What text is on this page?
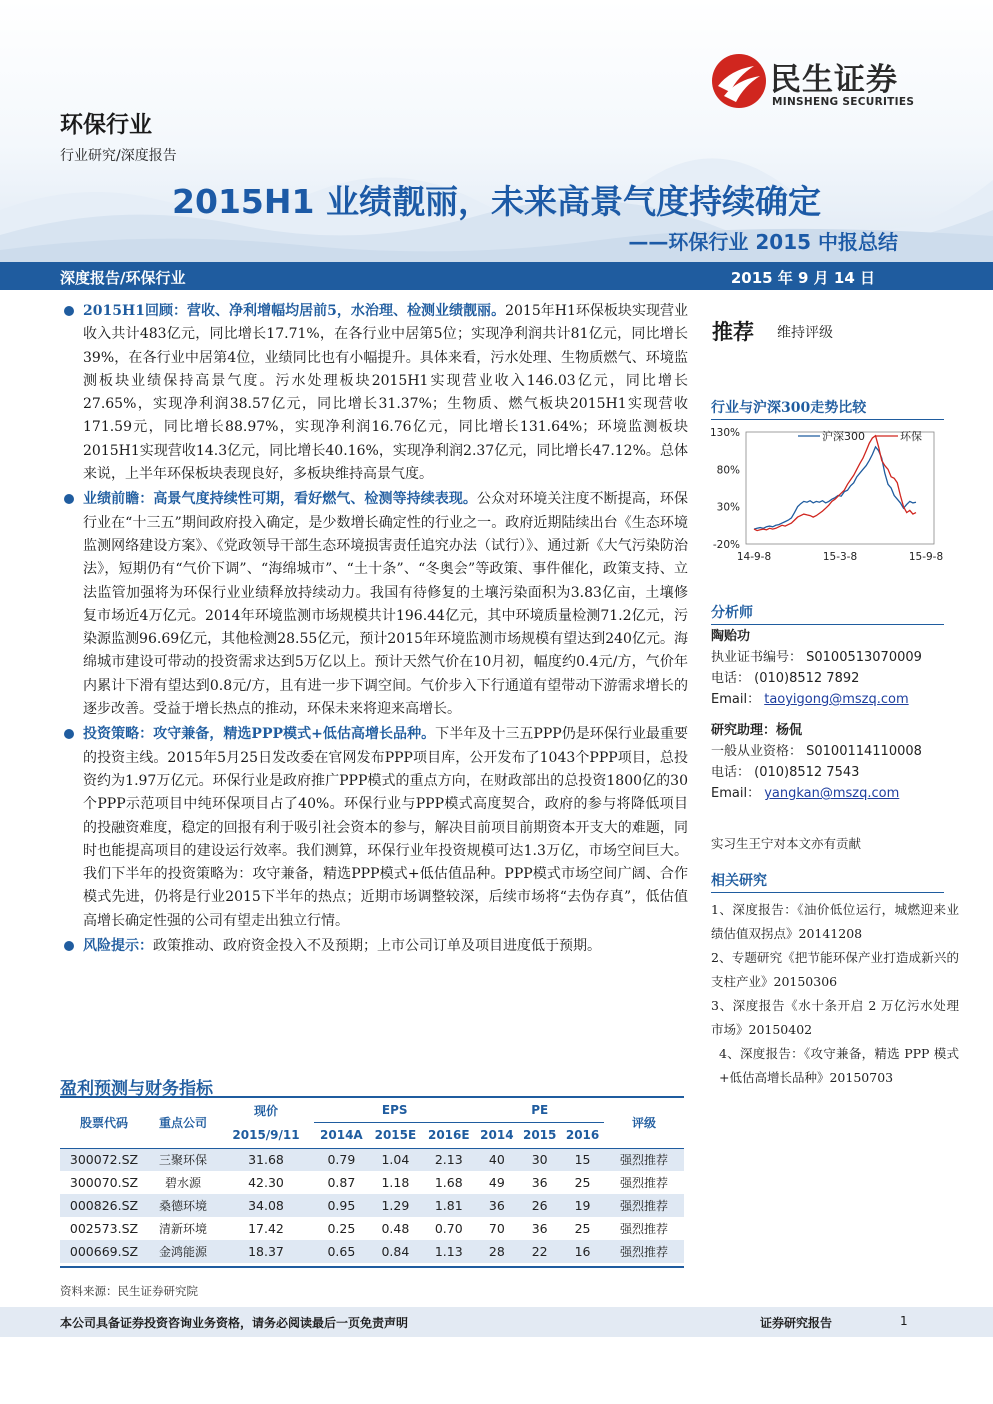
环保行业
行业研究/深度报告
民生证券
MINSHENG SECURITIES
2015H1 业绩靓丽，未来高景气度持续确定
——环保行业 2015 中报总结
深度报告/环保行业	2015 年 9 月 14 日
2015H1回顾：营收、净利增幅均居前5，水治理、检测业绩靓丽。2015年H1环保板块实现营业收入共计483亿元，同比增长17.71%，在各行业中居第5位；实现净利润共计81亿元，同比增长39%，在各行业中居第4位，业绩同比也有小幅提升。具体来看，污水处理、生物质燃气、环境监测板块业绩保持高景气度。污水处理板块2015H1实现营业收入146.03亿元，同比增长27.65%，实现净利润38.57亿元，同比增长31.37%；生物质、燃气板块2015H1实现营收171.59元，同比增长88.97%，实现净利润16.76亿元，同比增长131.64%；环境监测板块2015H1实现营收14.3亿元，同比增长40.16%，实现净利润2.37亿元，同比增长47.12%。总体来说，上半年环保板块表现良好，多板块维持高景气度。
业绩前瞻：高景气度持续性可期，看好燃气、检测等持续表现。公众对环境关注度不断提高，环保行业在“十三五”期间政府投入确定，是少数增长确定性的行业之一。政府近期陆续出台《生态环境监测网络建设方案》、《党政领导干部生态环境损害责任追究办法（试行）》、通过新《大气污染防治法》，短期仍有“气价下调”、“海绵城市”、“土十条”、“冬奥会”等政策、事件催化，政策支持、立法监管加强将为环保行业业绩释放持续动力。我国有待修复的土壤污染面积为3.83亿亩，土壤修复市场近4万亿元。2014年环境监测市场规模共计196.44亿元，其中环境质量检测71.2亿元，污染源监测96.69亿元，其他检测28.55亿元，预计2015年环境监测市场规模有望达到240亿元。海绵城市建设可带动的投资需求达到5万亿以上。预计天然气价在10月初，幅度约0.4元/方，气价年内累计下滑有望达到0.8元/方，且有进一步下调空间。气价步入下行通道有望带动下游需求增长的逐步改善。受益于增长热点的推动，环保未来将迎来高增长。
投资策略：攻守兼备，精选PPP模式+低估高增长品种。下半年及十三五PPP仍是环保行业最重要的投资主线。2015年5月25日发改委在官网发布PPP项目库，公开发布了1043个PPP项目，总投资约为1.97万亿元。环保行业是政府推广PPP模式的重点方向，在财政部出的总投资1800亿的30个PPP示范项目中纯环保项目占了40%。环保行业与PPP模式高度契合，政府的参与将降低项目的投融资难度，稳定的回报有利于吸引社会资本的参与，解决目前项目前期资本开支大的难题，同时也能提高项目的建设运行效率。我们测算，环保行业年投资规模可达1.3万亿，市场空间巨大。我们下半年的投资策略为：攻守兼备，精选PPP模式+低估值品种。PPP模式市场空间广阔、合作模式先进，仍将是行业2015下半年的热点；近期市场调整较深，后续市场将“去伪存真”，低估值高增长确定性强的公司有望走出独立行情。
风险提示：政策推动、政府资金投入不及预期；上市公司订单及项目进度低于预期。
盈利预测与财务指标
股票代码	重点公司	现价	EPS			PE			评级
		2015/9/11	2014A	2015E	2016E	2014	2015	2016	
300072.SZ	三聚环保	31.68	0.79	1.04	2.13	40	30	15	强烈推荐
300070.SZ	碧水源	42.30	0.87	1.18	1.68	49	36	25	强烈推荐
000826.SZ	桑德环境	34.08	0.95	1.29	1.81	36	26	19	强烈推荐
002573.SZ	清新环境	17.42	0.25	0.48	0.70	70	36	25	强烈推荐
000669.SZ	金鸿能源	18.37	0.65	0.84	1.13	28	22	16	强烈推荐
资料来源：民生证券研究院
推荐 维持评级
行业与沪深300走势比较
沪深300	环保
130%
80%
30%
-20%
14-9-8	15-3-8	15-9-8
分析师
陶贻功
执业证书编号： S0100513070009
电话： (010)8512 7892
Email： taoyigong@mszq.com
研究助理：杨侃
一般从业资格： S0100114110008
电话： (010)8512 7543
Email： yangkan@mszq.com
实习生王宁对本文亦有贡献
相关研究
1、深度报告：《油价低位运行，城燃迎来业绩估值双拐点》20141208
2、专题研究《把节能环保产业打造成新兴的支柱产业》20150306
3、深度报告《水十条开启 2 万亿污水处理市场》20150402
4、深度报告：《攻守兼备，精选 PPP 模式+低估高增长品种》20150703
本公司具备证券投资咨询业务资格，请务必阅读最后一页免责声明	证券研究报告	1
